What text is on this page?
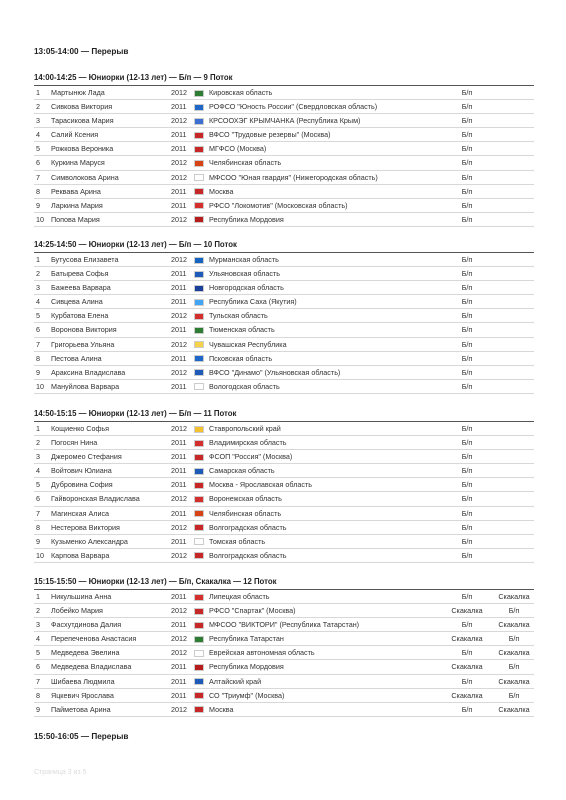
13:05-14:00 — Перерыв
14:00-14:25 — Юниорки (12-13 лет) — Б/п — 9 Поток
1 Мартынюк Лада	2012	Кировская область	Б/п
2 Сивкова Виктория	2011	РОФСО "Юность России" (Свердловская область)	Б/п
3 Тарасикова Мария	2012	КРСООХЭГ КРЫМЧАНКА (Республика Крым)	Б/п
4 Салий Ксения	2011	ВФСО "Трудовые резервы" (Москва)	Б/п
5 Рожкова Вероника	2011	МГФСО (Москва)	Б/п
6 Куркина Маруся	2012	Челябинская область	Б/п
7 Символокова Арина	2012	МФСОО "Юная гвардия" (Нижегородская область)	Б/п
8 Реквава Арина	2011	Москва	Б/п
9 Ларкина Мария	2011	РФСО "Локомотив" (Московская область)	Б/п
10 Попова Мария	2012	Республика Мордовия	Б/п
14:25-14:50 — Юниорки (12-13 лет) — Б/п — 10 Поток
1 Бутусова Елизавета	2012	Мурманская область	Б/п
2 Батырева Софья	2011	Ульяновская область	Б/п
3 Бажеева Варвара	2011	Новгородская область	Б/п
4 Сивцева Алина	2011	Республика Саха (Якутия)	Б/п
5 Курбатова Елена	2012	Тульская область	Б/п
6 Воронова Виктория	2011	Тюменская область	Б/п
7 Григорьева Ульяна	2012	Чувашская Республика	Б/п
8 Пестова Алина	2011	Псковская область	Б/п
9 Араксина Владислава	2012	ВФСО "Динамо" (Ульяновская область)	Б/п
10 Мануйлова Варвара	2011	Вологодская область	Б/п
14:50-15:15 — Юниорки (12-13 лет) — Б/п — 11 Поток
1 Кощиенко Софья	2012	Ставропольский край	Б/п
2 Погосян Нина	2011	Владимирская область	Б/п
3 Джеромео Стефания	2011	ФСОП "Россия" (Москва)	Б/п
4 Войтович Юлиана	2011	Самарская область	Б/п
5 Дубровина София	2011	Москва - Ярославская область	Б/п
6 Гайворонская Владислава	2012	Воронежская область	Б/п
7 Магинская Алиса	2011	Челябинская область	Б/п
8 Нестерова Виктория	2012	Волгоградская область	Б/п
9 Кузьменко Александра	2011	Томская область	Б/п
10 Карпова Варвара	2012	Волгоградская область	Б/п
15:15-15:50 — Юниорки (12-13 лет) — Б/п, Скакалка — 12 Поток
1 Никульшина Анна	2011	Липецкая область	Б/п	Скакалка
2 Лобейко Мария	2012	РФСО "Спартак" (Москва)	Скакалка	Б/п
3 Фасхутдинова Далия	2011	МФСОО "ВИКТОРИ" (Республика Татарстан)	Б/п	Скакалка
4 Перепеченова Анастасия	2012	Республика Татарстан	Скакалка	Б/п
5 Медведева Эвелина	2012	Еврейская автономная область	Б/п	Скакалка
6 Медведева Владислава	2011	Республика Мордовия	Скакалка	Б/п
7 Шибаева Людмила	2011	Алтайский край	Б/п	Скакалка
8 Яцкевич Ярослава	2011	СО "Триумф" (Москва)	Скакалка	Б/п
9 Пайметова Арина	2012	Москва	Б/п	Скакалка
15:50-16:05 — Перерыв
Страница 3 из 5
